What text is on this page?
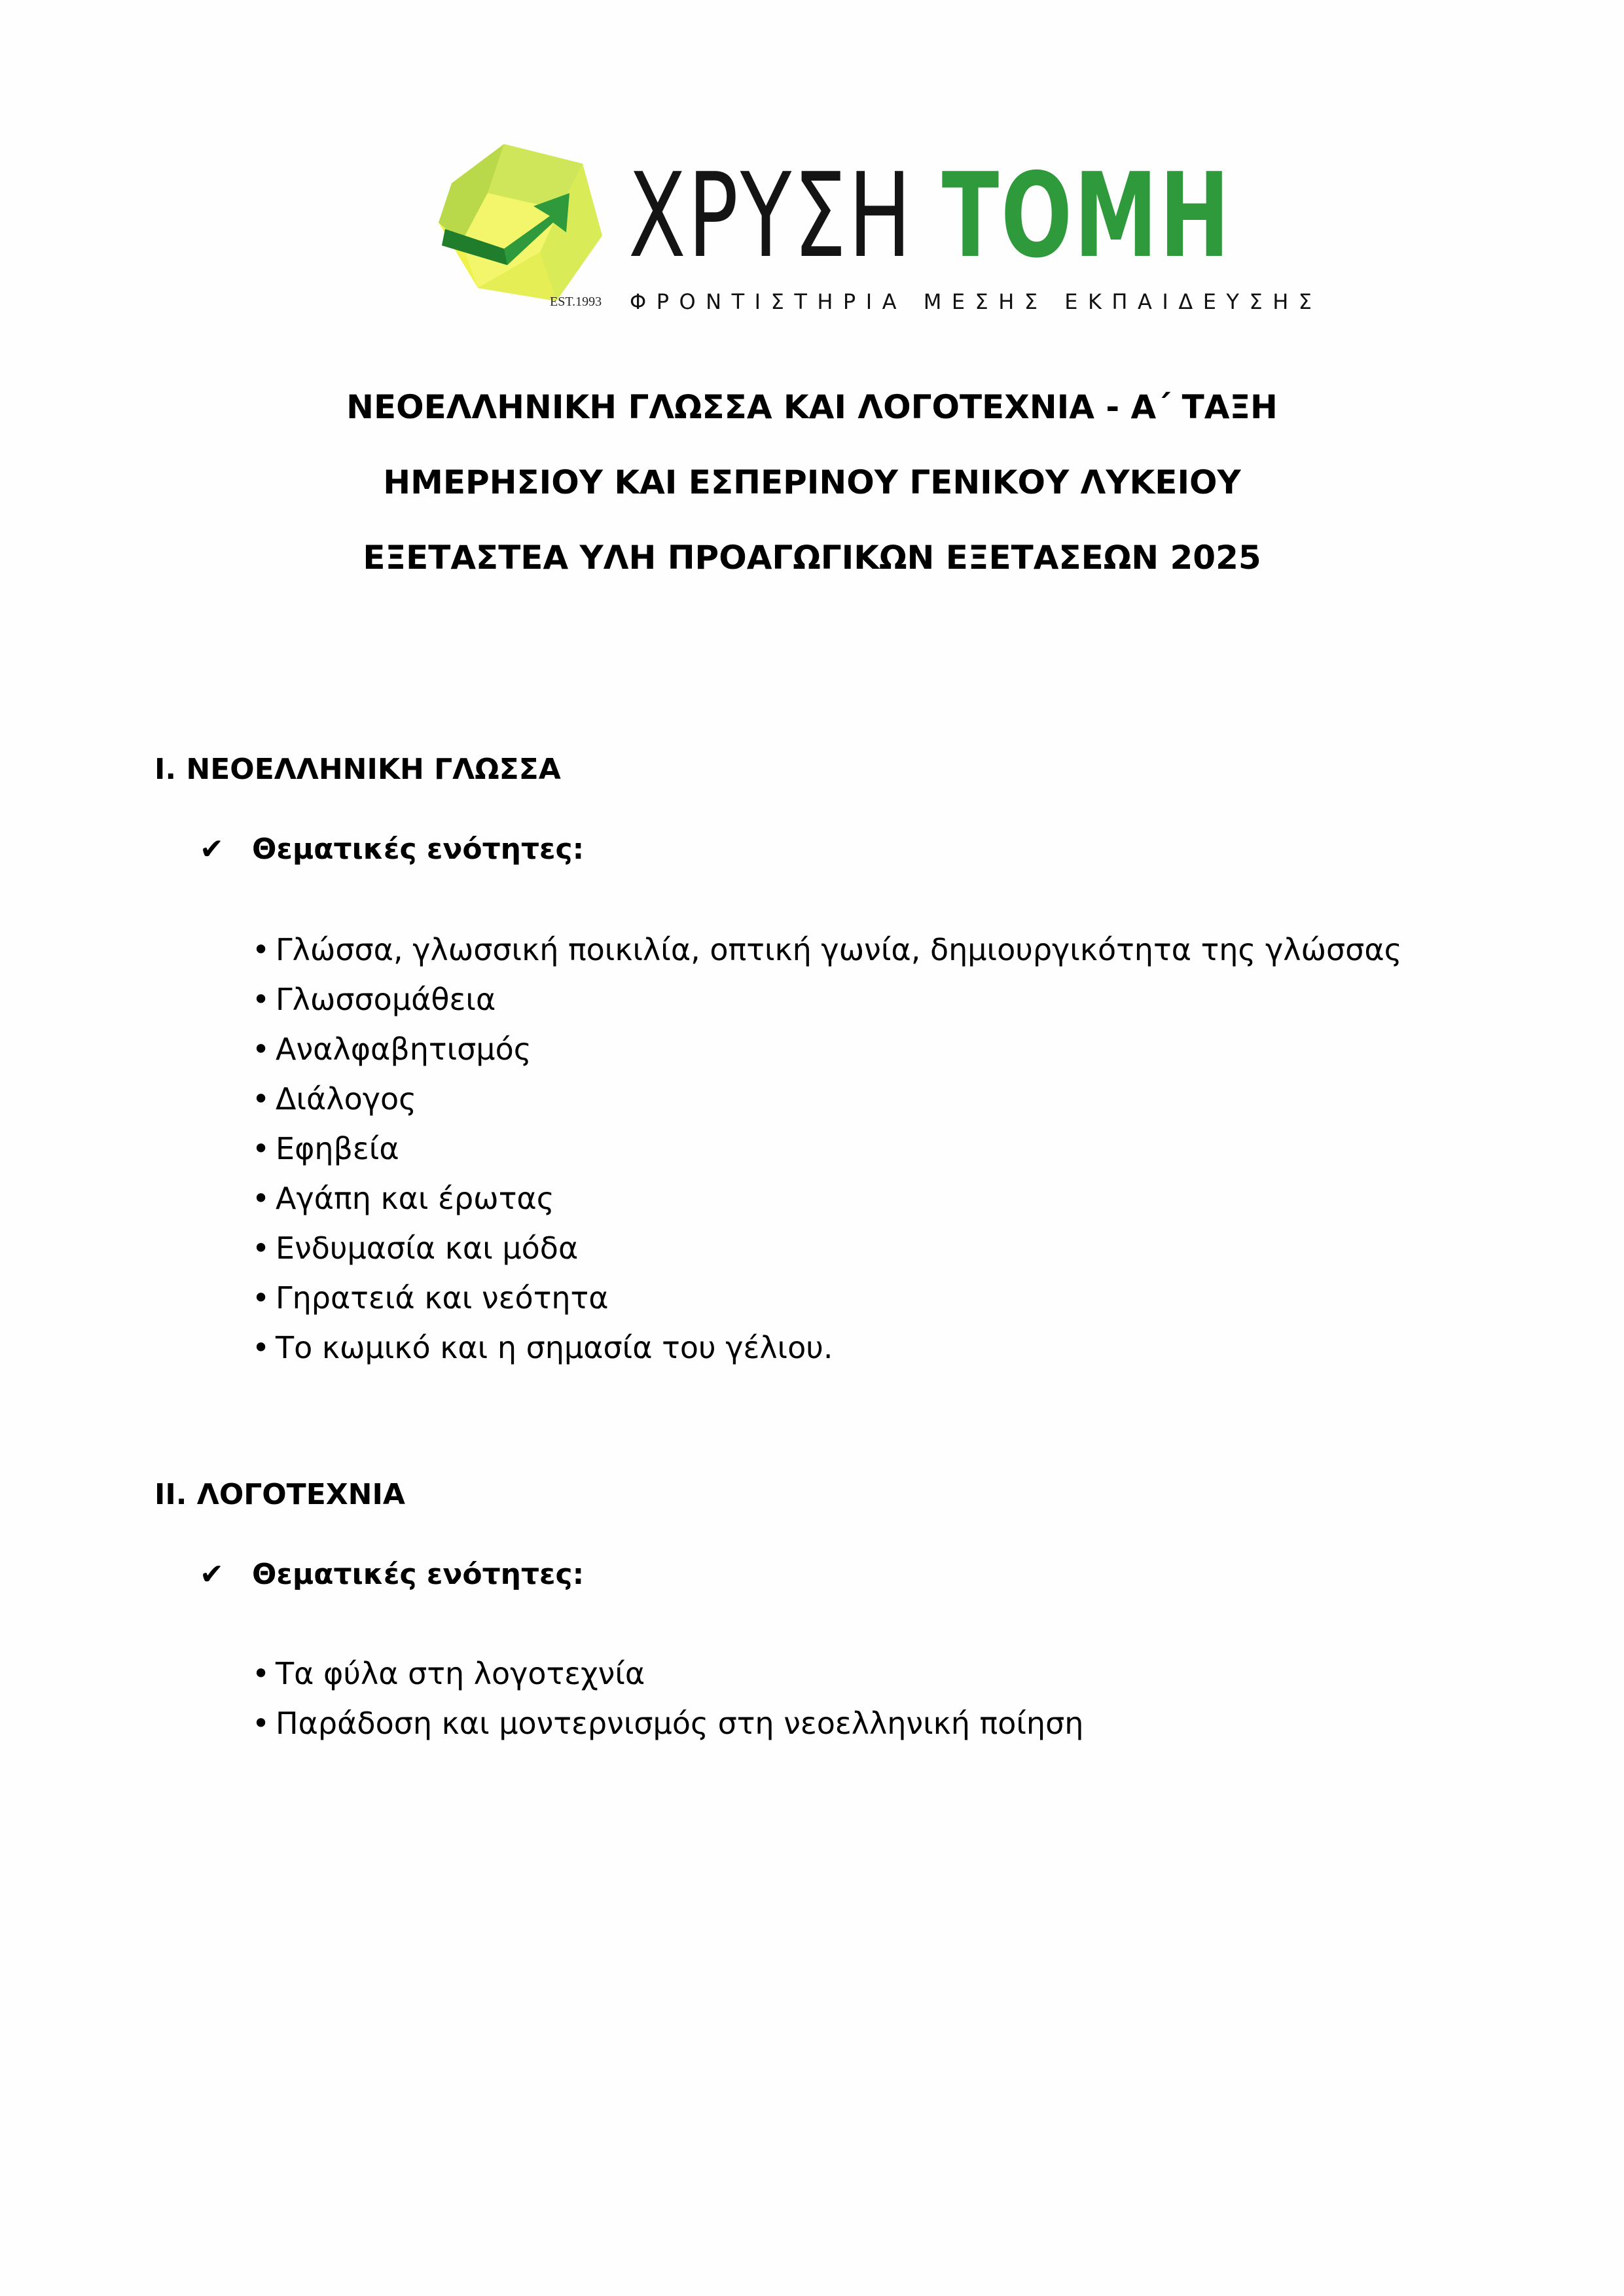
EST.1993
ΧΡΥΣΗ ΤΟΜΗ
ΦΡΟΝΤΙΣΤΗΡΙΑ ΜΕΣΗΣ ΕΚΠΑΙΔΕΥΣΗΣ
ΝΕΟΕΛΛΗΝΙΚΗ ΓΛΩΣΣΑ ΚΑΙ ΛΟΓΟΤΕΧΝΙΑ - Α΄ ΤΑΞΗ
ΗΜΕΡΗΣΙΟΥ ΚΑΙ ΕΣΠΕΡΙΝΟΥ ΓΕΝΙΚΟΥ ΛΥΚΕΙΟΥ
ΕΞΕΤΑΣΤΕΑ ΥΛΗ ΠΡΟΑΓΩΓΙΚΩΝ ΕΞΕΤΑΣΕΩΝ 2025
I. ΝΕΟΕΛΛΗΝΙΚΗ ΓΛΩΣΣΑ
✔ Θεματικές ενότητες:
• Γλώσσα, γλωσσική ποικιλία, οπτική γωνία, δημιουργικότητα της γλώσσας
• Γλωσσομάθεια
• Αναλφαβητισμός
• Διάλογος
• Εφηβεία
• Αγάπη και έρωτας
• Ενδυμασία και μόδα
• Γηρατειά και νεότητα
• Το κωμικό και η σημασία του γέλιου.
II. ΛΟΓΟΤΕΧΝΙΑ
✔ Θεματικές ενότητες:
• Τα φύλα στη λογοτεχνία
• Παράδοση και μοντερνισμός στη νεοελληνική ποίηση
